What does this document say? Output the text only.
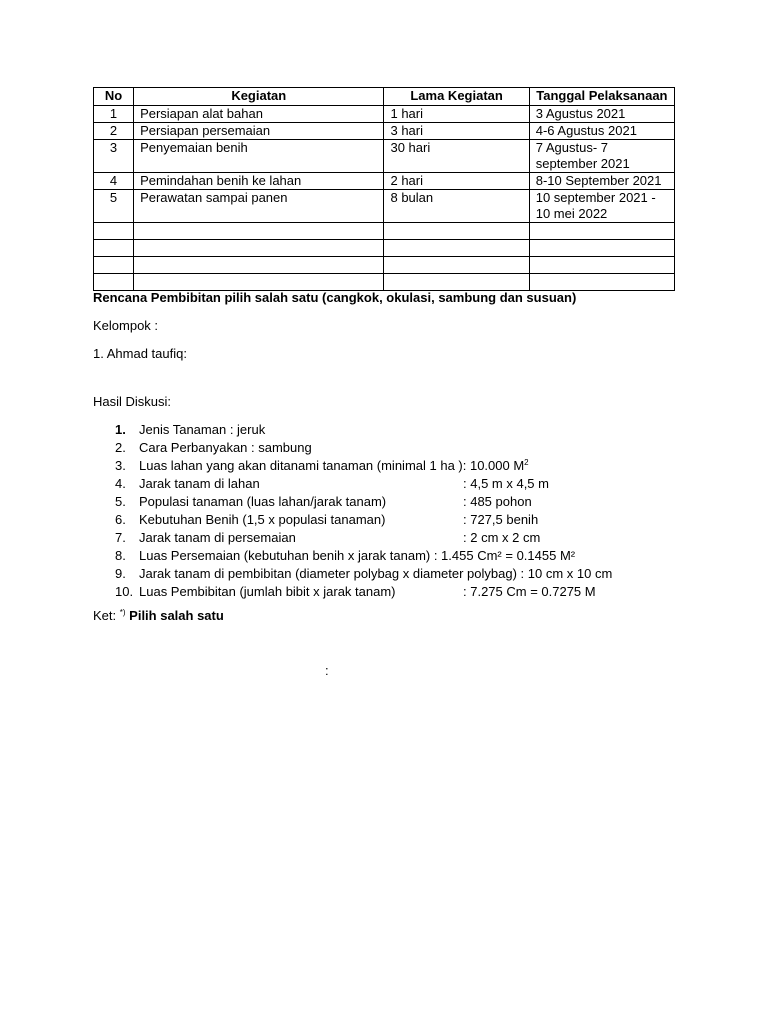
No	Kegiatan	Lama Kegiatan	Tanggal Pelaksanaan
1	Persiapan alat bahan	1 hari	3 Agustus 2021
2	Persiapan persemaian	3 hari	4-6 Agustus 2021
3	Penyemaian benih	30 hari	7 Agustus- 7 september 2021
4	Pemindahan benih ke lahan	2 hari	8-10 September 2021
5	Perawatan sampai panen	8 bulan	10 september 2021 - 10 mei 2022

Rencana Pembibitan pilih salah satu (cangkok, okulasi, sambung dan susuan)
Kelompok :
1. Ahmad taufiq:
Hasil Diskusi:
1.	Jenis Tanaman : jeruk
2.	Cara Perbanyakan : sambung
3.	Luas lahan yang akan ditanami tanaman (minimal 1 ha ): 10.000 $M^2$
4.	Jarak tanam di lahan	: 4,5 m x 4,5 m
5.	Populasi tanaman (luas lahan/jarak tanam)	: 485 pohon
6.	Kebutuhan Benih (1,5 x populasi tanaman)	: 727,5 benih
7.	Jarak tanam di persemaian	: 2 cm x 2 cm
8.	Luas Persemaian (kebutuhan benih x jarak tanam) : 1.455 Cm² = 0.1455 M²
9.	Jarak tanam di pembibitan (diameter polybag x diameter polybag) : 10 cm x 10 cm
10. Luas Pembibitan (jumlah bibit x jarak tanam)	: 7.275 Cm = 0.7275 M
Ket: *) Pilih salah satu
:
